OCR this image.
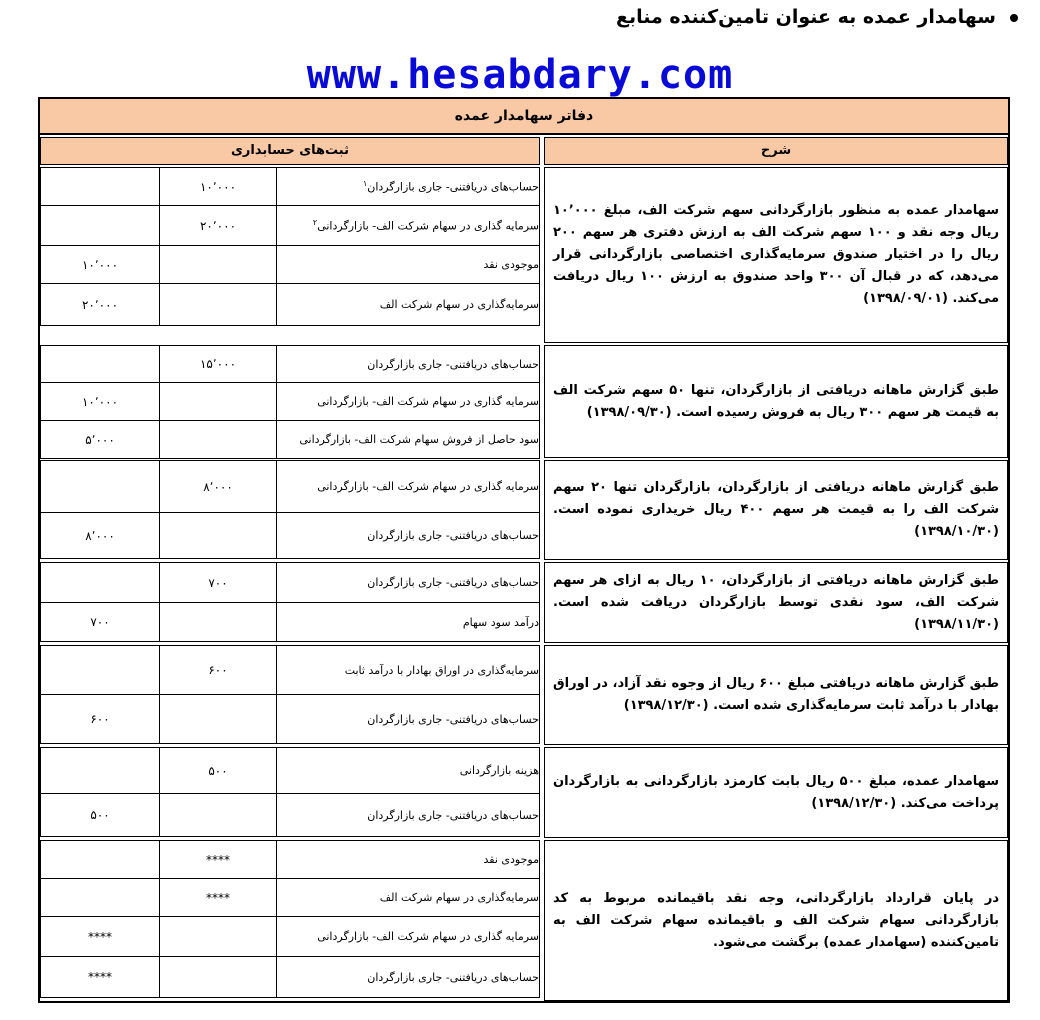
سهامدار عمده به عنوان تامین‌کننده منابع
www.hesabdary.com
دفاتر سهامدار عمده
ثبت‌های حسابداری	شرح
سهامدار عمده به منظور بازارگردانی سهم شرکت الف، مبلغ ۱۰٬۰۰۰ ریال وجه نقد و ۱۰۰ سهم شرکت الف به ارزش دفتری هر سهم ۲۰۰ ریال را در اختیار صندوق سرمایه‌گذاری اختصاصی بازارگردانی قرار می‌دهد، که در قبال آن ۳۰۰ واحد صندوق به ارزش ۱۰۰ ریال دریافت می‌کند. (۱۳۹۸/۰۹/۰۱)
حساب‌های دریافتنی- جاری بازارگردان$^۱$
۱۰٬۰۰۰
سرمایه گذاری در سهام شرکت الف- بازارگردانی$^۲$
۲۰٬۰۰۰
موجودی نقد
۱۰٬۰۰۰
سرمایه‌گذاری در سهام شرکت الف
۲۰٬۰۰۰
طبق گزارش ماهانه دریافتی از بازارگردان، تنها ۵۰ سهم شرکت الف به قیمت هر سهم ۳۰۰ ریال به فروش رسیده است. (۱۳۹۸/۰۹/۳۰)
حساب‌های دریافتنی- جاری بازارگردان
۱۵٬۰۰۰
سرمایه گذاری در سهام شرکت الف- بازارگردانی
۱۰٬۰۰۰
سود حاصل از فروش سهام شرکت الف- بازارگردانی
۵٬۰۰۰
طبق گزارش ماهانه دریافتی از بازارگردان، بازارگردان تنها ۲۰ سهم شرکت الف را به قیمت هر سهم ۴۰۰ ریال خریداری نموده است. (۱۳۹۸/۱۰/۳۰)
سرمایه گذاری در سهام شرکت الف- بازارگردانی
۸٬۰۰۰
حساب‌های دریافتنی- جاری بازارگردان
۸٬۰۰۰
طبق گزارش ماهانه دریافتی از بازارگردان، ۱۰ ریال به ازای هر سهم شرکت الف، سود نقدی توسط بازارگردان دریافت شده است. (۱۳۹۸/۱۱/۳۰)
حساب‌های دریافتنی- جاری بازارگردان
۷۰۰
درآمد سود سهام
۷۰۰
طبق گزارش ماهانه دریافتی مبلغ ۶۰۰ ریال از وجوه نقد آزاد، در اوراق بهادار با درآمد ثابت سرمایه‌گذاری شده است. (۱۳۹۸/۱۲/۳۰)
سرمایه‌گذاری در اوراق بهادار با درآمد ثابت
۶۰۰
حساب‌های دریافتنی- جاری بازارگردان
۶۰۰
سهامدار عمده، مبلغ ۵۰۰ ریال بابت کارمزد بازارگردانی به بازارگردان پرداخت می‌کند. (۱۳۹۸/۱۲/۳۰)
هزینه بازارگردانی
۵۰۰
حساب‌های دریافتنی- جاری بازارگردان
۵۰۰
در پایان قرارداد بازارگردانی، وجه نقد باقیمانده مربوط به کد بازارگردانی سهام شرکت الف و باقیمانده سهام شرکت الف به تامین‌کننده (سهامدار عمده) برگشت می‌شود.
موجودی نقد
****
سرمایه‌گذاری در سهام شرکت الف
****
سرمایه گذاری در سهام شرکت الف- بازارگردانی
****
حساب‌های دریافتنی- جاری بازارگردان
****
